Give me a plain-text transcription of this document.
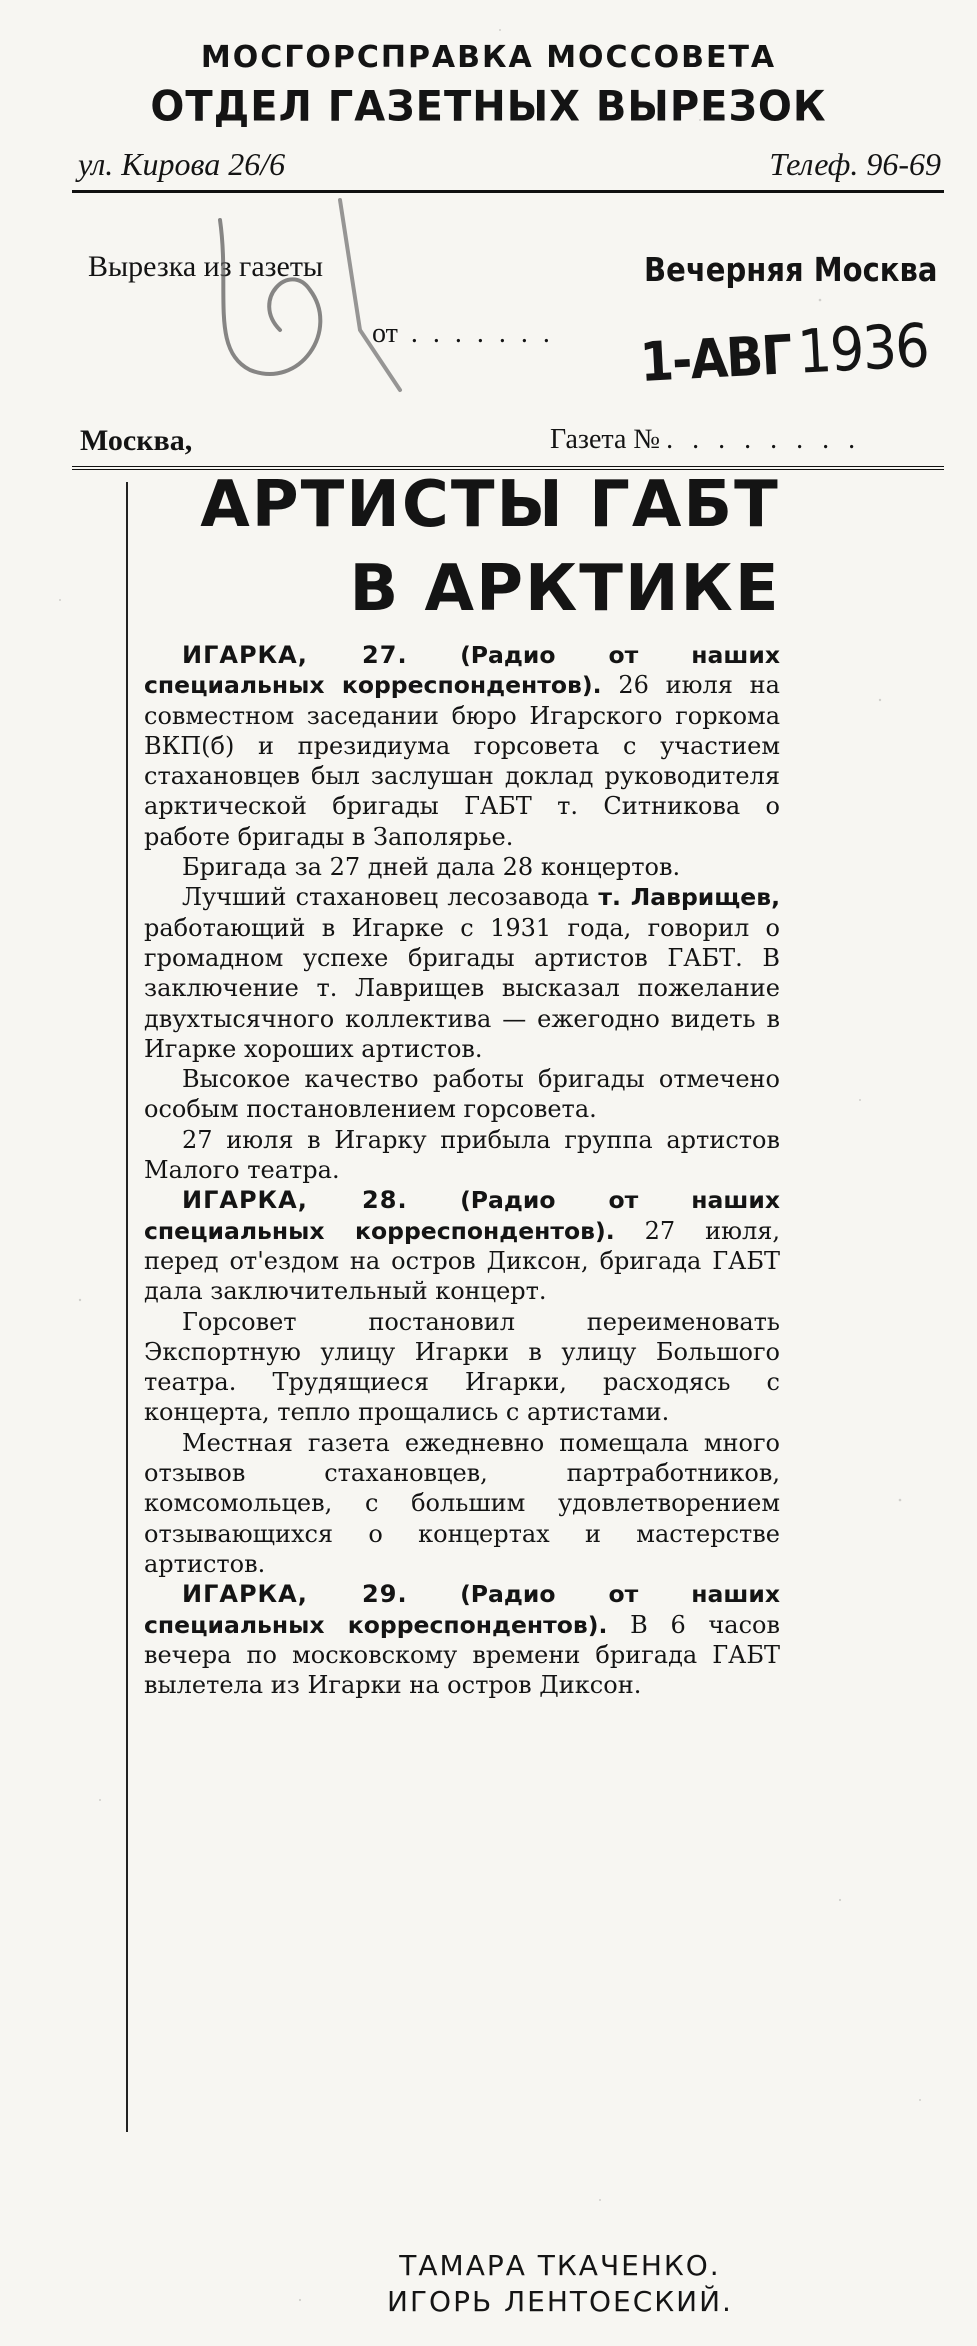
МОСГОРСПРАВКА МОССОВЕТА
ОТДЕЛ ГАЗЕТНЫХ ВЫРЕЗОК
ул. Кирова 26/6	Телеф. 96-69
Вырезка из газеты	Вечерняя Москва
от . . . . . . . 1-АВГ1936
Москва,	Газета № . . . . . . . .
АРТИСТЫ ГАБТ
В АРКТИКЕ

ИГАРКА, 27. (Радио от наших специальных корреспондентов). 26 июля на совместном заседании бюро Игарского горкома ВКП(б) и президиума горсовета с участием стахановцев был заслушан доклад руководителя арктической бригады ГАБТ т. Ситникова о работе бригады в Заполярье.

Бригада за 27 дней дала 28 концертов.

Лучший стахановец лесозавода т. Лаврищев, работающий в Игарке с 1931 года, говорил о громадном успехе бригады артистов ГАБТ. В заключение т. Лаврищев высказал пожелание двухтысячного коллектива — ежегодно видеть в Игарке хороших артистов.

Высокое качество работы бригады отмечено особым постановлением горсовета.

27 июля в Игарку прибыла группа артистов Малого театра.

ИГАРКА, 28. (Радио от наших специальных корреспондентов). 27 июля, перед от'ездом на остров Диксон, бригада ГАБТ дала заключительный концерт.

Горсовет постановил переименовать Экспортную улицу Игарки в улицу Большого театра. Трудящиеся Игарки, расходясь с концерта, тепло прощались с артистами.

Местная газета ежедневно помещала много отзывов стахановцев, партработников, комсомольцев, с большим удовлетворением отзывающихся о концертах и мастерстве артистов.

ИГАРКА, 29. (Радио от наших специальных корреспондентов). В 6 часов вечера по московскому времени бригада ГАБТ вылетела из Игарки на остров Диксон.

ТАМАРА ТКАЧЕНКО.
ИГОРЬ ЛЕНТОЕСКИЙ.
